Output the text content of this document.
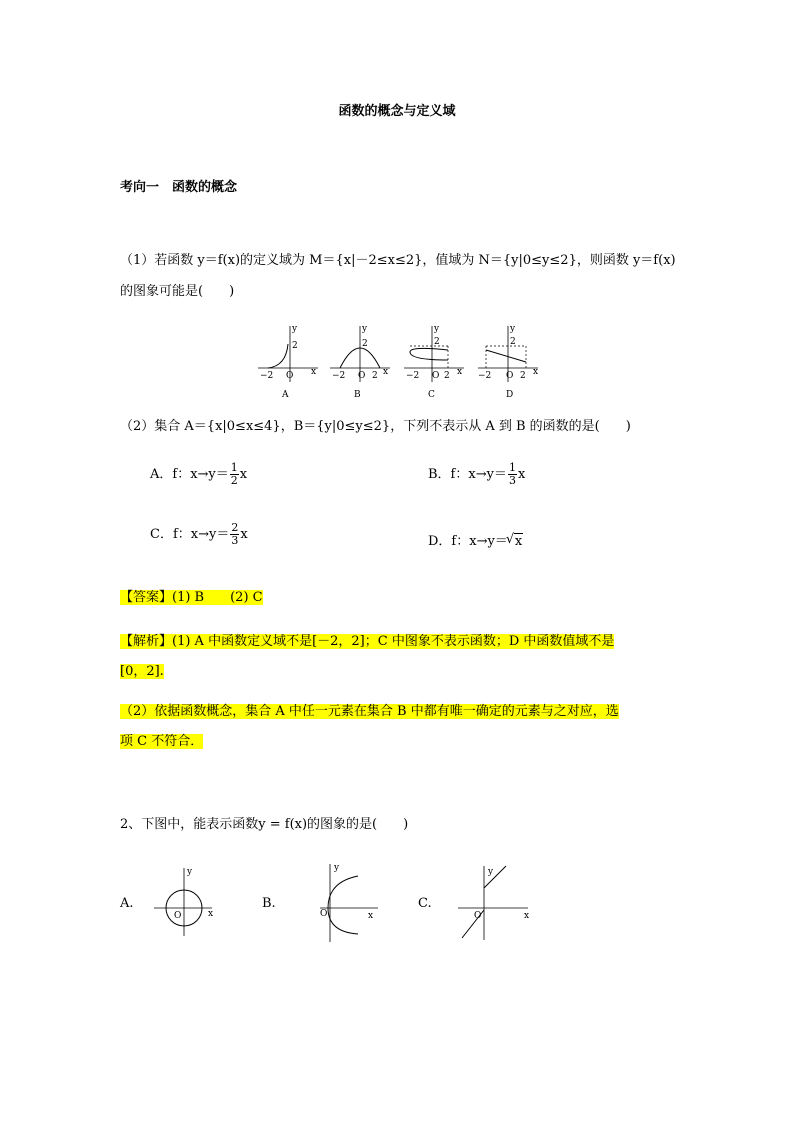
函数的概念与定义域
考向一　函数的概念
（1）若函数 y＝f(x)的定义域为 M＝{x|－2≤x≤2}，值域为 N＝{y|0≤y≤2}，则函数 y＝f(x)
的图象可能是(　　)
y
2
−2 O x
A
y
2
−2 O 2 x
B
y
2
−2 O 2 x
C
y
2
−2 O 2 x
D
（2）集合 A＝{x|0≤x≤4}，B＝{y|0≤y≤2}，下列不表示从 A 到 B 的函数的是(　　)
A．f：$x\to y= \frac{1}{2}$ x	B．f：$x\to y= \frac{1}{3}$ x
C．f：$x\to y= \frac{2}{3}$ x	D．f：x→y＝√ x
【答案】(1) B　　(2) C
【解析】(1) A 中函数定义域不是[－2，2]；C 中图象不表示函数；D 中函数值域不是
[0，2].
（2）依据函数概念，集合 A 中任一元素在集合 B 中都有唯一确定的元素与之对应，选
项 C 不符合．
2、下图中，能表示函数y = f(x)的图象的是(　　)
A.
y
O	x
B.
y
O	x
C.
y
O	x
